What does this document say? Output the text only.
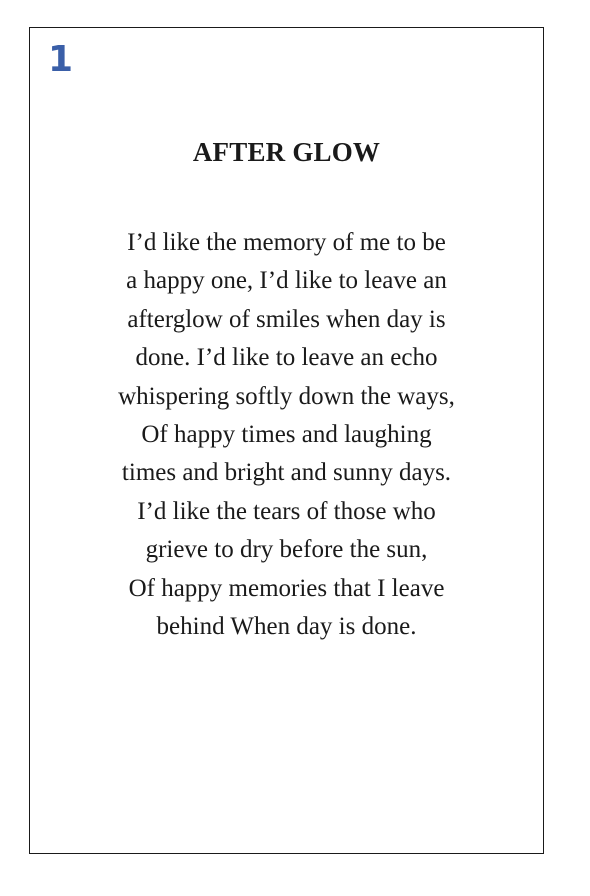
1
AFTER GLOW
I’d like the memory of me to be
a happy one, I’d like to leave an
afterglow of smiles when day is
done. I’d like to leave an echo
whispering softly down the ways,
Of happy times and laughing
times and bright and sunny days.
I’d like the tears of those who
grieve to dry before the sun,
Of happy memories that I leave
behind When day is done.
